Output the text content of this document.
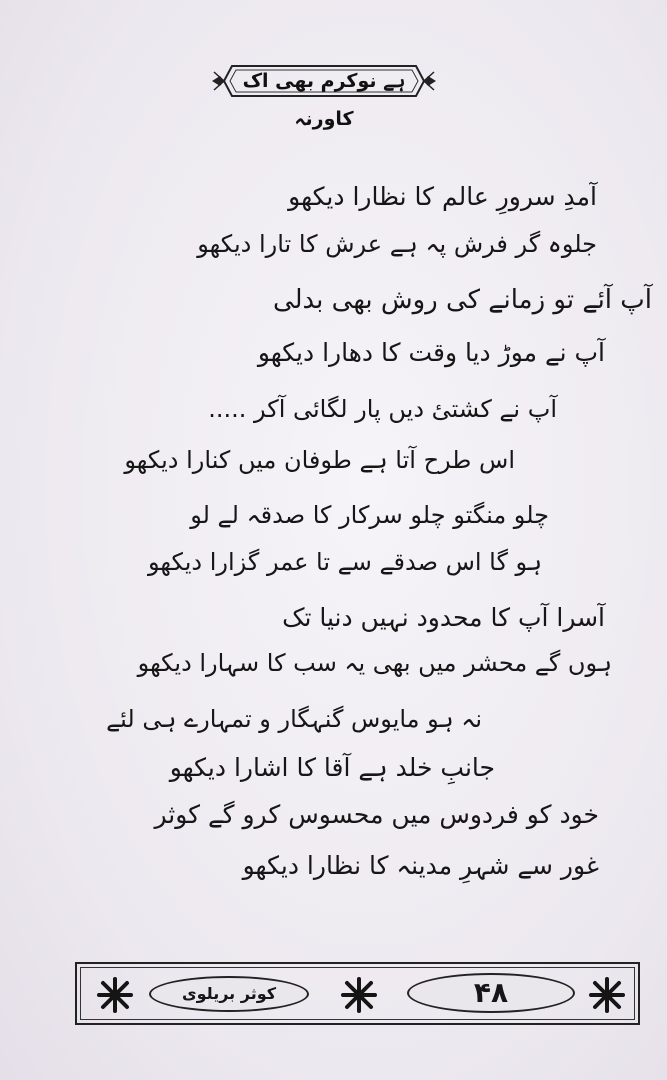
ہے نوکرم بھی اک کاورنہ
آمدِ سرورِ عالم کا نظارا دیکھو
جلوہ گر فرش پہ ہے عرش کا تارا دیکھو
آپ آئے تو زمانے کی روش بھی بدلی
آپ نے موڑ دیا وقت کا دھارا دیکھو
آپ نے کشتیٔ دیں پار لگائی آکر .....
اس طرح آتا ہے طوفان میں کنارا دیکھو
چلو منگتو چلو سرکار کا صدقہ لے لو
ہو گا اس صدقے سے تا عمر گزارا دیکھو
آسرا آپ کا محدود نہیں دنیا تک
ہوں گے محشر میں بھی یہ سب کا سہارا دیکھو
نہ ہو مایوس گنہگار و تمہارے ہی لئے
جانبِ خلد ہے آقا کا اشارا دیکھو
خود کو فردوس میں محسوس کرو گے کوثر
غور سے شہرِ مدینہ کا نظارا دیکھو
کوثر بریلوی	۴۸
